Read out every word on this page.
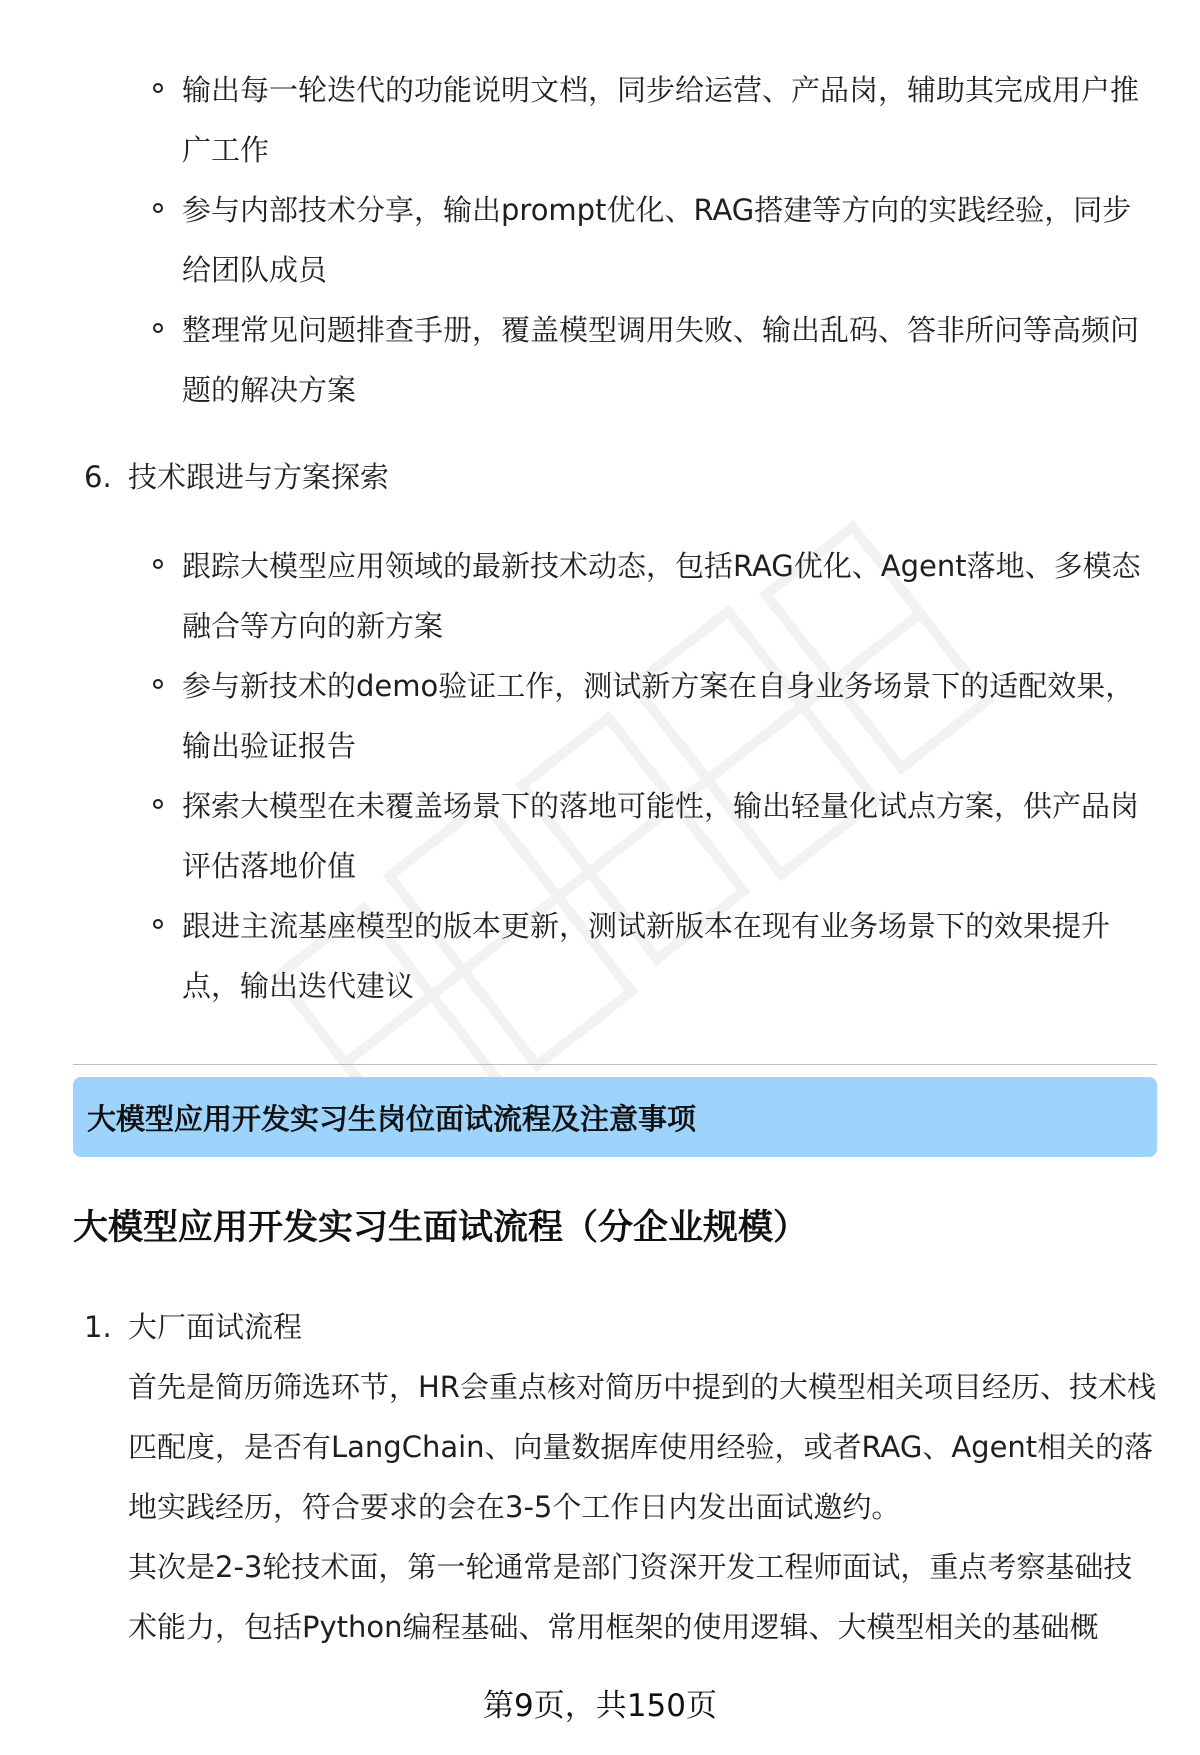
输出每一轮迭代的功能说明文档，同步给运营、产品岗，辅助其完成用户推广工作
参与内部技术分享，输出prompt优化、RAG搭建等方向的实践经验，同步给团队成员
整理常见问题排查手册，覆盖模型调用失败、输出乱码、答非所问等高频问题的解决方案
6. 技术跟进与方案探索
跟踪大模型应用领域的最新技术动态，包括RAG优化、Agent落地、多模态融合等方向的新方案
参与新技术的demo验证工作，测试新方案在自身业务场景下的适配效果，输出验证报告
探索大模型在未覆盖场景下的落地可能性，输出轻量化试点方案，供产品岗评估落地价值
跟进主流基座模型的版本更新，测试新版本在现有业务场景下的效果提升点，输出迭代建议
大模型应用开发实习生岗位面试流程及注意事项
大模型应用开发实习生面试流程（分企业规模）
1. 大厂面试流程
首先是简历筛选环节，HR会重点核对简历中提到的大模型相关项目经历、技术栈匹配度，是否有LangChain、向量数据库使用经验，或者RAG、Agent相关的落地实践经历，符合要求的会在3-5个工作日内发出面试邀约。
其次是2-3轮技术面，第一轮通常是部门资深开发工程师面试，重点考察基础技术能力，包括Python编程基础、常用框架的使用逻辑、大模型相关的基础概
第9页，共150页
